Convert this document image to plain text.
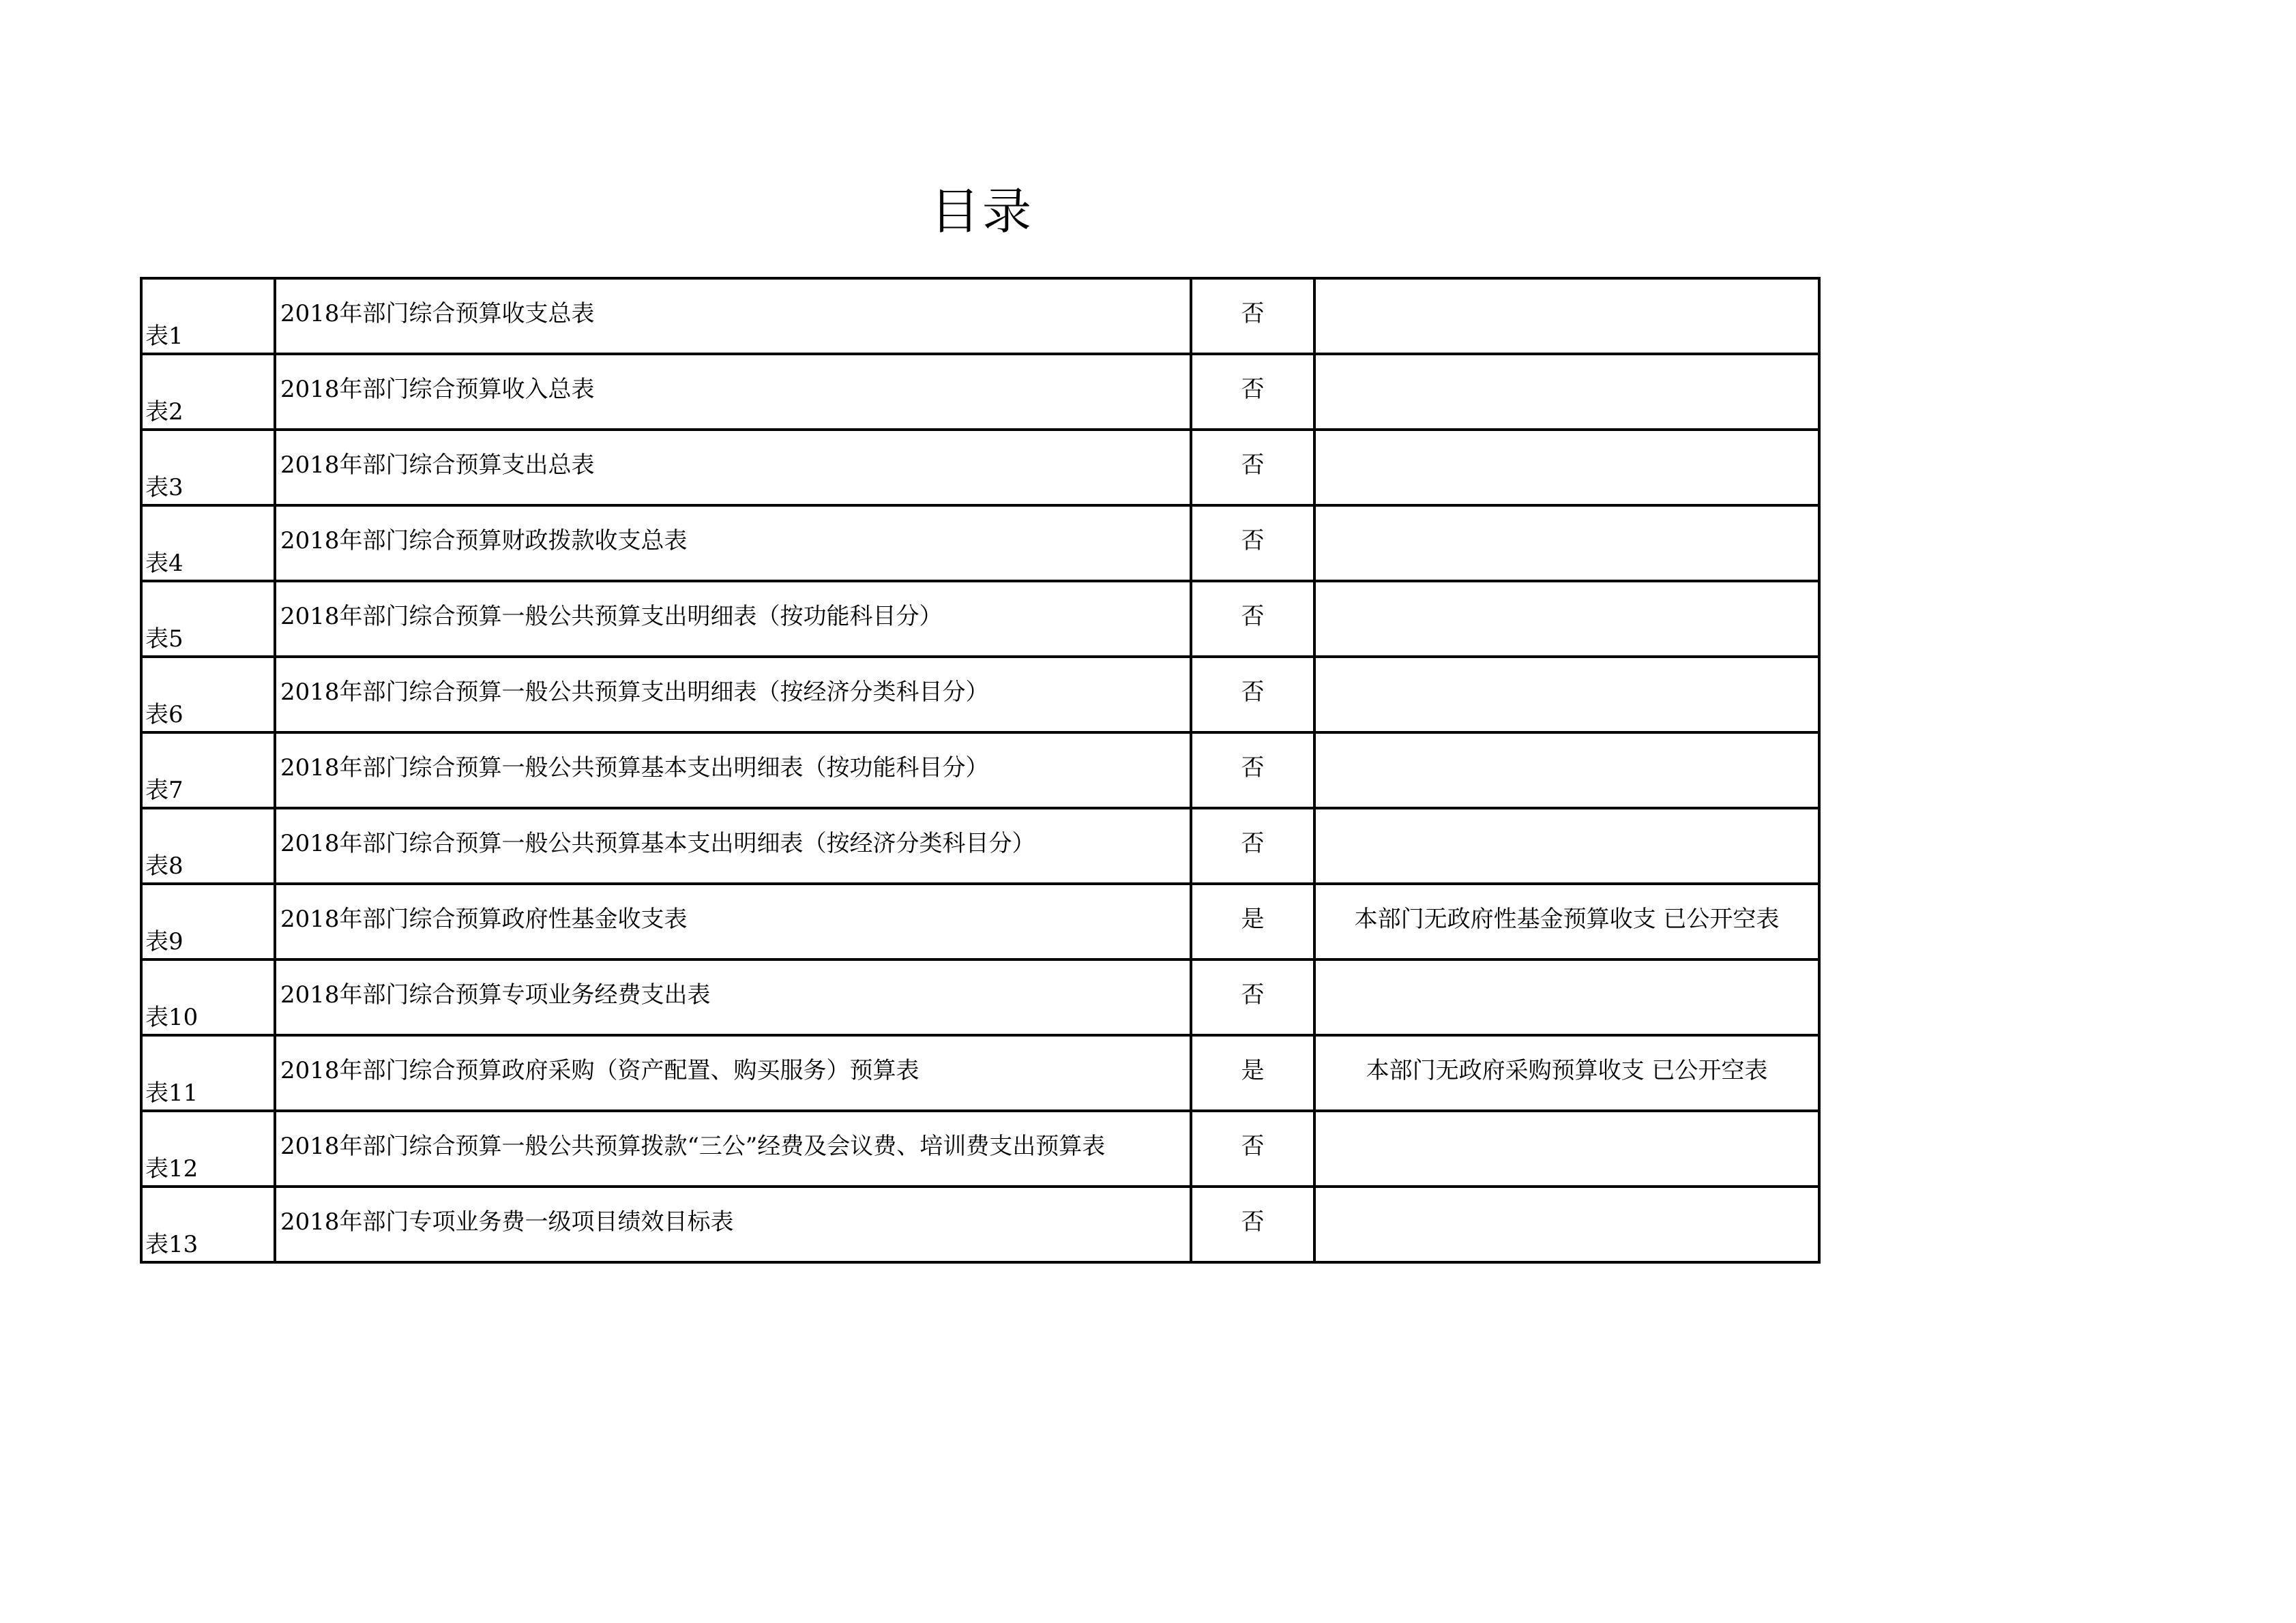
目录
表1	2018年部门综合预算收支总表	否	
表2	2018年部门综合预算收入总表	否	
表3	2018年部门综合预算支出总表	否	
表4	2018年部门综合预算财政拨款收支总表	否	
表5	2018年部门综合预算一般公共预算支出明细表（按功能科目分）	否	
表6	2018年部门综合预算一般公共预算支出明细表（按经济分类科目分）	否	
表7	2018年部门综合预算一般公共预算基本支出明细表（按功能科目分）	否	
表8	2018年部门综合预算一般公共预算基本支出明细表（按经济分类科目分）	否	
表9	2018年部门综合预算政府性基金收支表	是	本部门无政府性基金预算收支 已公开空表
表10	2018年部门综合预算专项业务经费支出表	否	
表11	2018年部门综合预算政府采购（资产配置、购买服务）预算表	是	本部门无政府采购预算收支 已公开空表
表12	2018年部门综合预算一般公共预算拨款“三公”经费及会议费、培训费支出预算表	否	
表13	2018年部门专项业务费一级项目绩效目标表	否	
